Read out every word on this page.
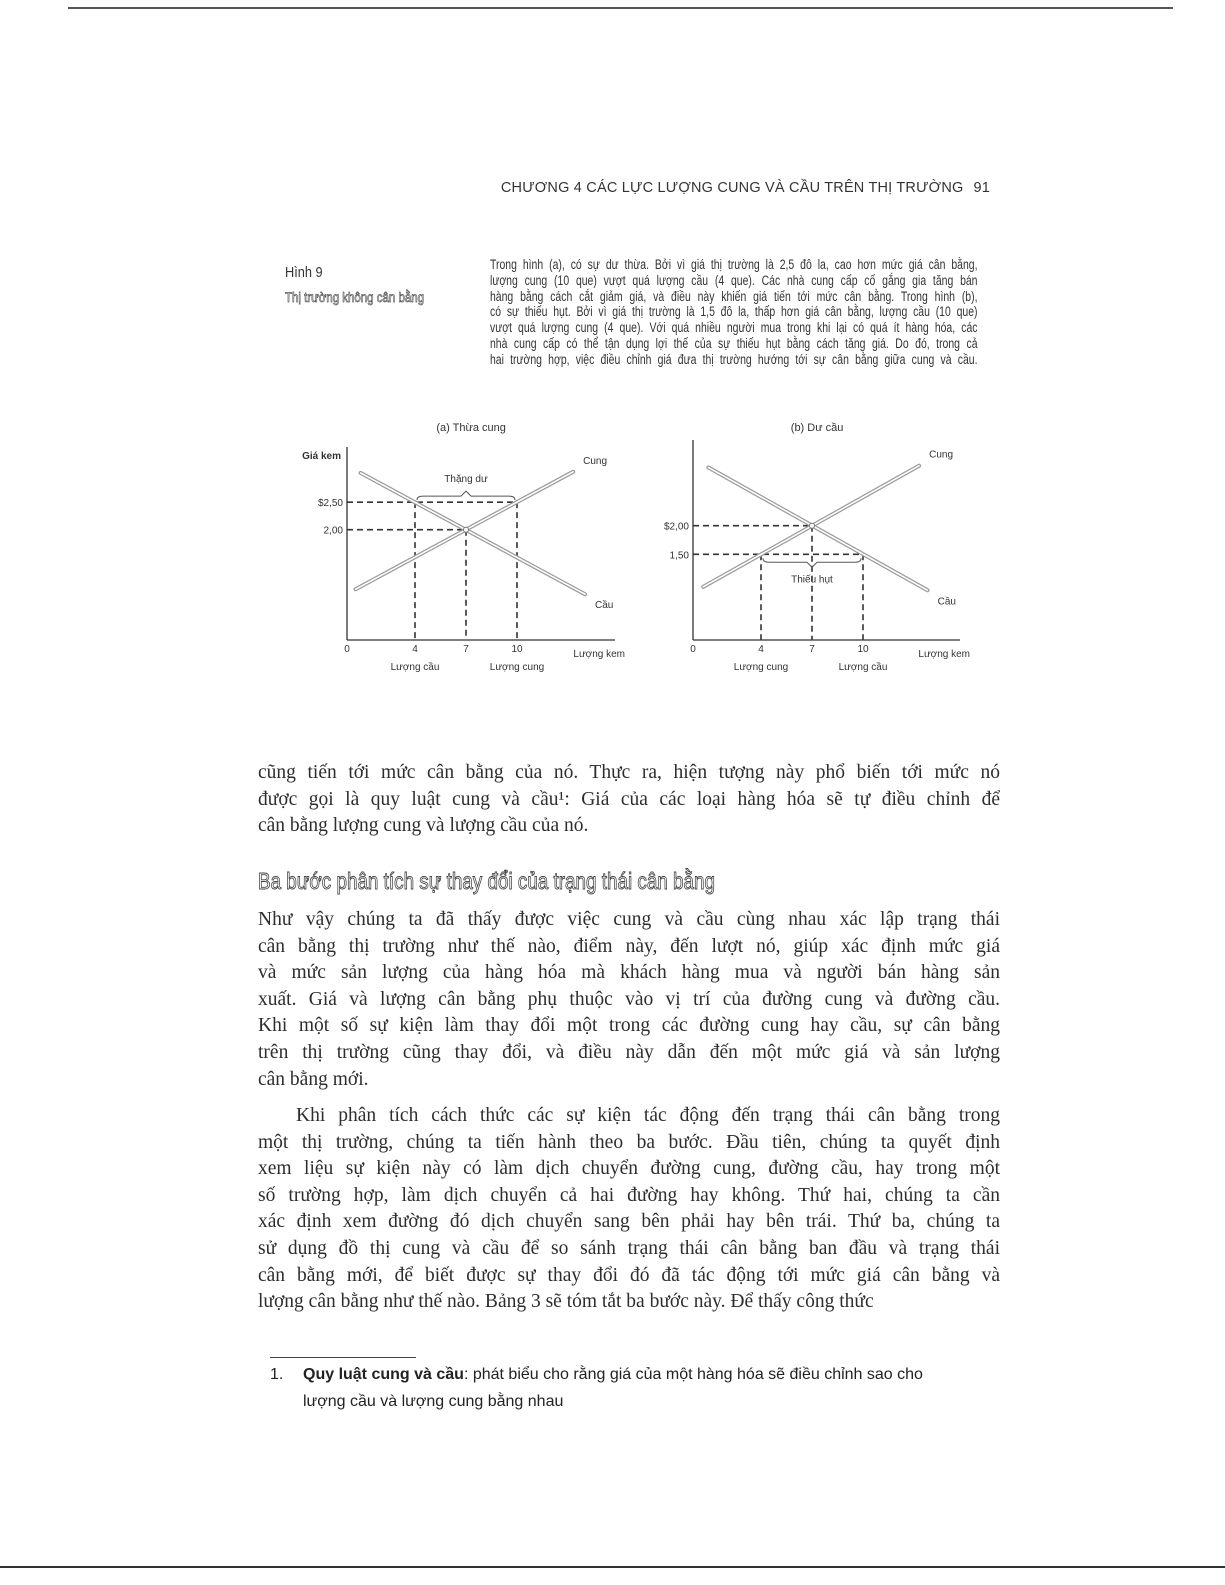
CHƯƠNG 4 CÁC LỰC LƯỢNG CUNG VÀ CẦU TRÊN THỊ TRƯỜNG 91
Hình 9
Thị trường không cân bằng
Trong hình (a), có sự dư thừa. Bởi vì giá thị trường là 2,5 đô la, cao hơn mức giá cân bằng,
lượng cung (10 que) vượt quá lượng cầu (4 que). Các nhà cung cấp cố gắng gia tăng bán
hàng bằng cách cắt giảm giá, và điều này khiến giá tiến tới mức cân bằng. Trong hình (b),
có sự thiếu hụt. Bởi vì giá thị trường là 1,5 đô la, thấp hơn giá cân bằng, lượng cầu (10 que)
vượt quá lượng cung (4 que). Với quá nhiều người mua trong khi lại có quá ít hàng hóa, các
nhà cung cấp có thể tận dụng lợi thế của sự thiếu hụt bằng cách tăng giá. Do đó, trong cả
hai trường hợp, việc điều chỉnh giá đưa thị trường hướng tới sự cân bằng giữa cung và cầu.
(a) Thừa cung
Giá kem
Lượng kem
0	4	7	10
$2,50
2,00
Lượng cầu	Lượng cung
Cung
Cầu
Thặng dư
(b) Dư cầu
Lượng kem
0	4	7	10
$2,00
1,50
Lượng cung	Lượng cầu
Cung
Cầu
Thiếu hụt
cũng tiến tới mức cân bằng của nó. Thực ra, hiện tượng này phổ biến tới mức nó
được gọi là quy luật cung và cầu¹: Giá của các loại hàng hóa sẽ tự điều chỉnh để
cân bằng lượng cung và lượng cầu của nó.
Ba bước phân tích sự thay đổi của trạng thái cân bằng
Như vậy chúng ta đã thấy được việc cung và cầu cùng nhau xác lập trạng thái
cân bằng thị trường như thế nào, điểm này, đến lượt nó, giúp xác định mức giá
và mức sản lượng của hàng hóa mà khách hàng mua và người bán hàng sản
xuất. Giá và lượng cân bằng phụ thuộc vào vị trí của đường cung và đường cầu.
Khi một số sự kiện làm thay đổi một trong các đường cung hay cầu, sự cân bằng
trên thị trường cũng thay đổi, và điều này dẫn đến một mức giá và sản lượng
cân bằng mới.
Khi phân tích cách thức các sự kiện tác động đến trạng thái cân bằng trong
một thị trường, chúng ta tiến hành theo ba bước. Đầu tiên, chúng ta quyết định
xem liệu sự kiện này có làm dịch chuyển đường cung, đường cầu, hay trong một
số trường hợp, làm dịch chuyển cả hai đường hay không. Thứ hai, chúng ta cần
xác định xem đường đó dịch chuyển sang bên phải hay bên trái. Thứ ba, chúng ta
sử dụng đồ thị cung và cầu để so sánh trạng thái cân bằng ban đầu và trạng thái
cân bằng mới, để biết được sự thay đổi đó đã tác động tới mức giá cân bằng và
lượng cân bằng như thế nào. Bảng 3 sẽ tóm tắt ba bước này. Để thấy công thức
1. Quy luật cung và cầu: phát biểu cho rằng giá của một hàng hóa sẽ điều chỉnh sao cho
lượng cầu và lượng cung bằng nhau
